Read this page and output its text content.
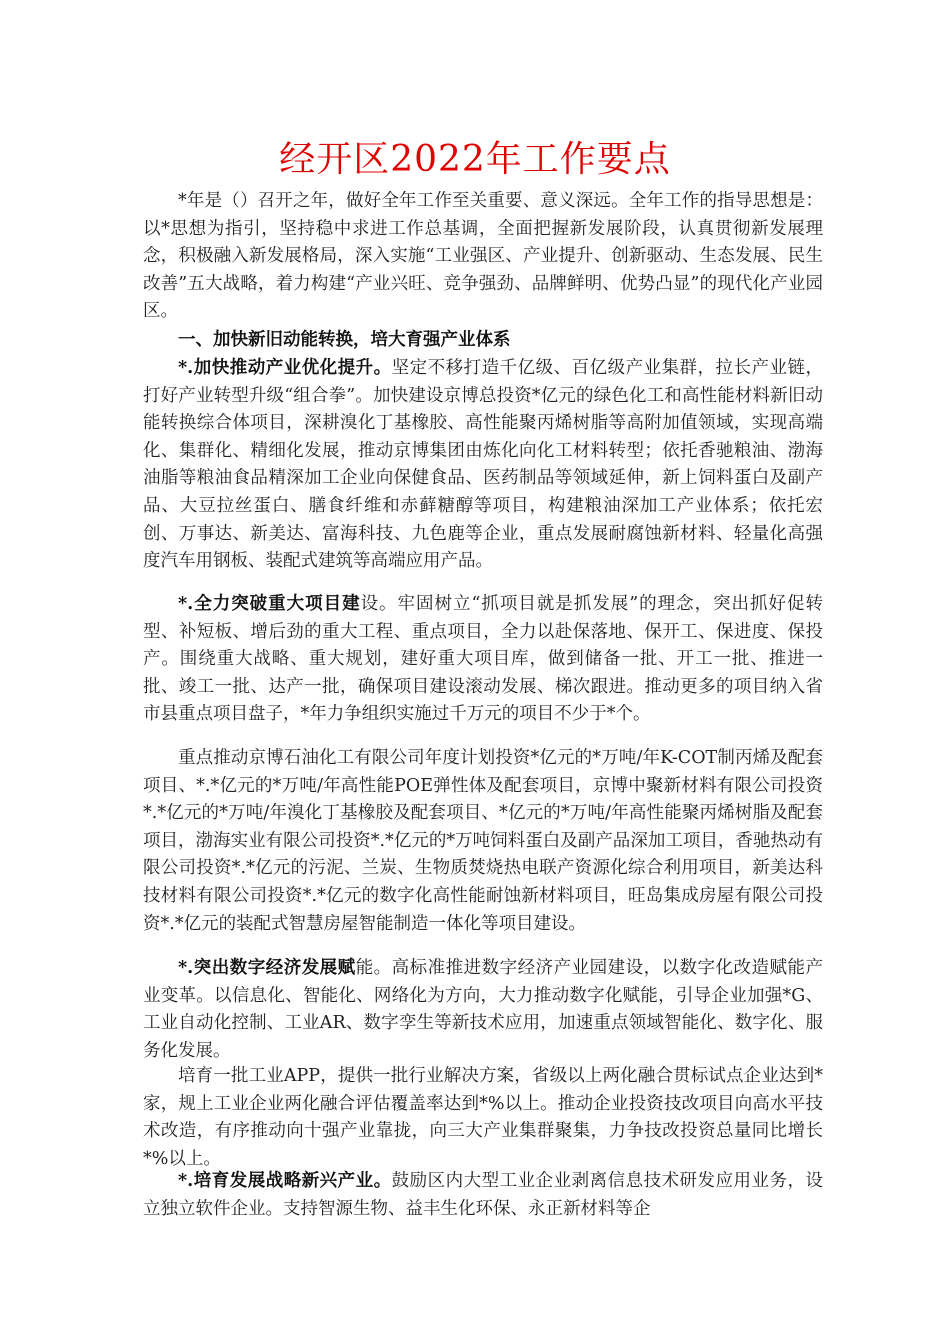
经开区2022年工作要点

*年是（）召开之年，做好全年工作至关重要、意义深远。全年工作的指导思想是：以*思想为指引，坚持稳中求进工作总基调，全面把握新发展阶段，认真贯彻新发展理念，积极融入新发展格局，深入实施“工业强区、产业提升、创新驱动、生态发展、民生改善”五大战略，着力构建“产业兴旺、竞争强劲、品牌鲜明、优势凸显”的现代化产业园区。

一、加快新旧动能转换，培大育强产业体系

*.加快推动产业优化提升。坚定不移打造千亿级、百亿级产业集群，拉长产业链，打好产业转型升级“组合拳”。加快建设京博总投资*亿元的绿色化工和高性能材料新旧动能转换综合体项目，深耕溴化丁基橡胶、高性能聚丙烯树脂等高附加值领域，实现高端化、集群化、精细化发展，推动京博集团由炼化向化工材料转型；依托香驰粮油、渤海油脂等粮油食品精深加工企业向保健食品、医药制品等领域延伸，新上饲料蛋白及副产品、大豆拉丝蛋白、膳食纤维和赤藓糖醇等项目，构建粮油深加工产业体系；依托宏创、万事达、新美达、富海科技、九色鹿等企业，重点发展耐腐蚀新材料、轻量化高强度汽车用钢板、装配式建筑等高端应用产品。

*.全力突破重大项目建设。牢固树立“抓项目就是抓发展”的理念，突出抓好促转型、补短板、增后劲的重大工程、重点项目，全力以赴保落地、保开工、保进度、保投产。围绕重大战略、重大规划，建好重大项目库，做到储备一批、开工一批、推进一批、竣工一批、达产一批，确保项目建设滚动发展、梯次跟进。推动更多的项目纳入省市县重点项目盘子，*年力争组织实施过千万元的项目不少于*个。

重点推动京博石油化工有限公司年度计划投资*亿元的*万吨/年K-COT制丙烯及配套项目、*.*亿元的*万吨/年高性能POE弹性体及配套项目，京博中聚新材料有限公司投资*.*亿元的*万吨/年溴化丁基橡胶及配套项目、*亿元的*万吨/年高性能聚丙烯树脂及配套项目，渤海实业有限公司投资*.*亿元的*万吨饲料蛋白及副产品深加工项目，香驰热动有限公司投资*.*亿元的污泥、兰炭、生物质焚烧热电联产资源化综合利用项目，新美达科技材料有限公司投资*.*亿元的数字化高性能耐蚀新材料项目，旺岛集成房屋有限公司投资*.*亿元的装配式智慧房屋智能制造一体化等项目建设。

*.突出数字经济发展赋能。高标准推进数字经济产业园建设，以数字化改造赋能产业变革。以信息化、智能化、网络化为方向，大力推动数字化赋能，引导企业加强*G、工业自动化控制、工业AR、数字孪生等新技术应用，加速重点领域智能化、数字化、服务化发展。

培育一批工业APP，提供一批行业解决方案，省级以上两化融合贯标试点企业达到*家，规上工业企业两化融合评估覆盖率达到*%以上。推动企业投资技改项目向高水平技术改造，有序推动向十强产业靠拢，向三大产业集群聚集，力争技改投资总量同比增长*%以上。

*.培育发展战略新兴产业。鼓励区内大型工业企业剥离信息技术研发应用业务，设立独立软件企业。支持智源生物、益丰生化环保、永正新材料等企
